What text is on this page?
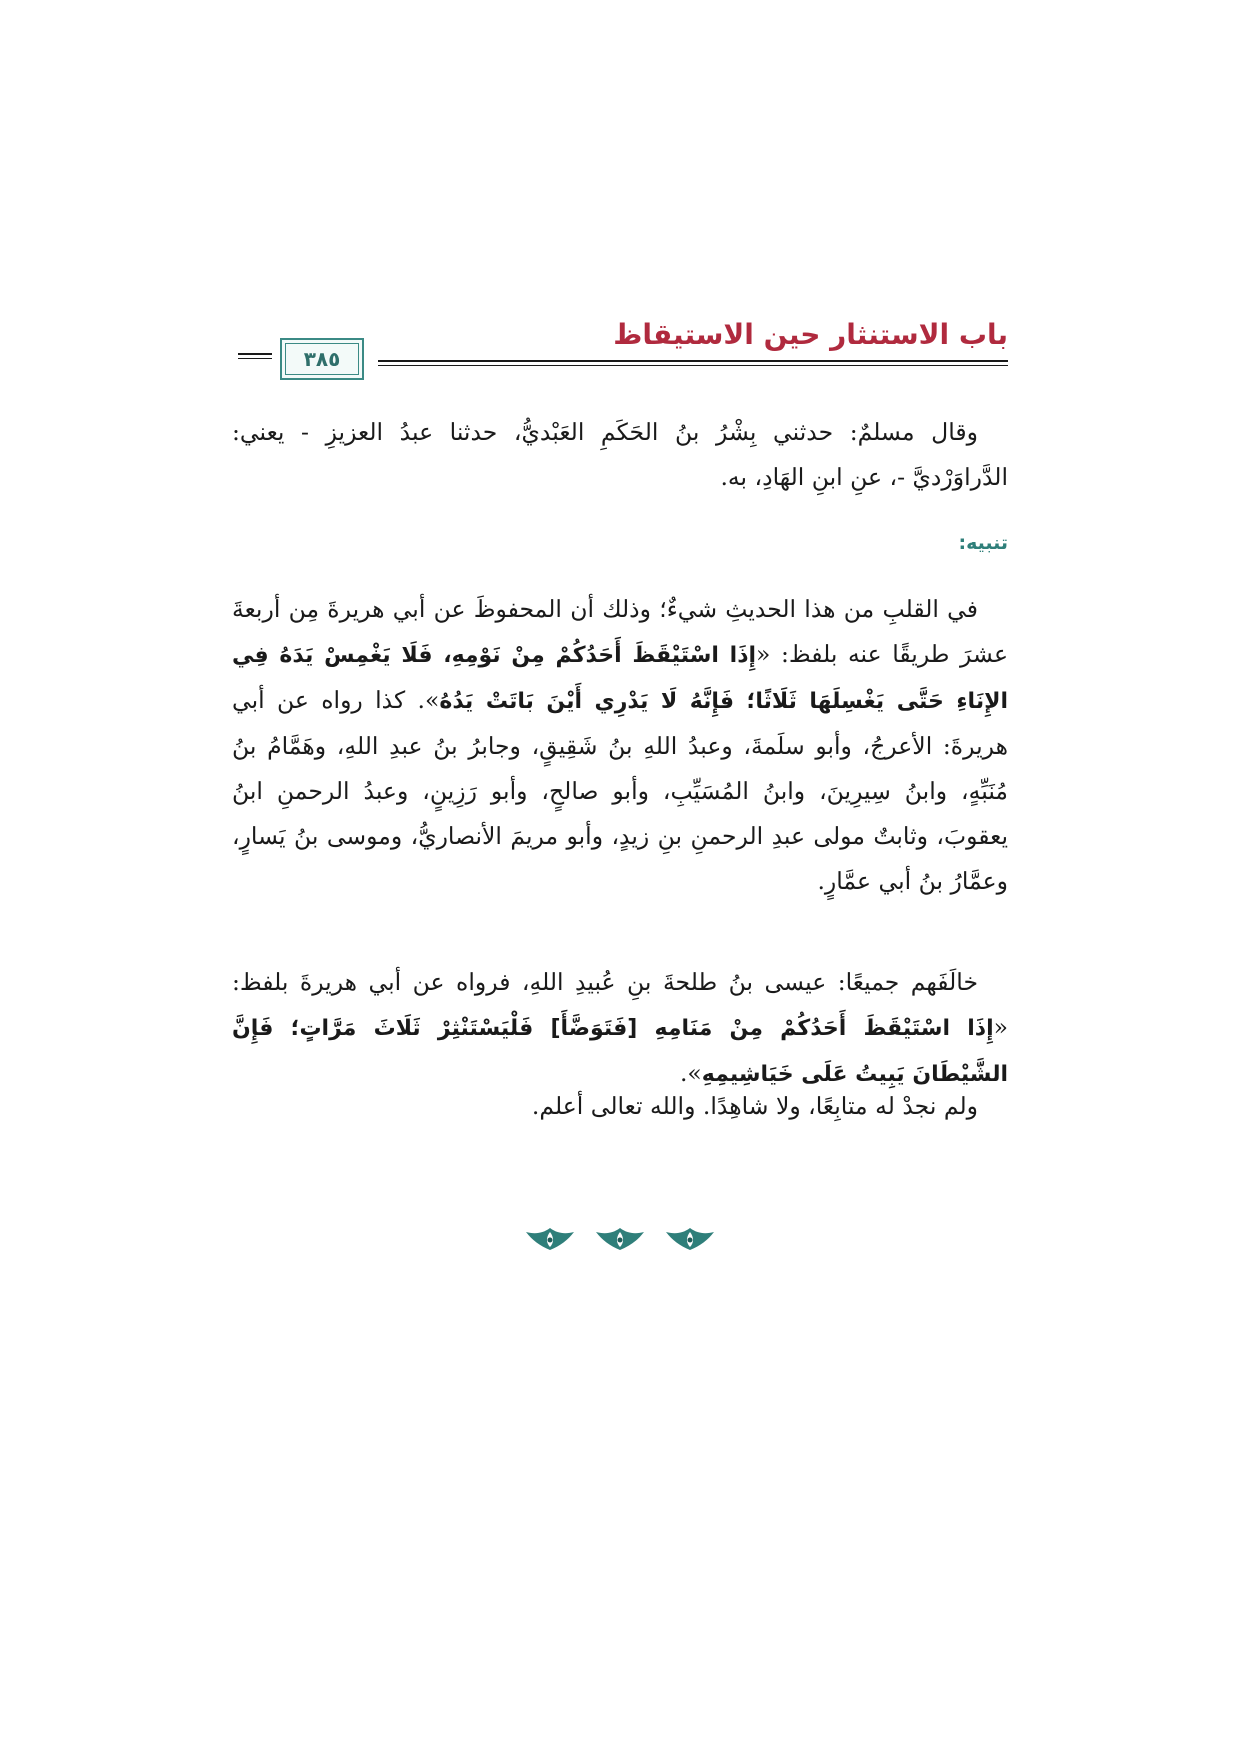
باب الاستنثار حين الاستيقاظ
٣٨٥

وقال مسلمٌ: حدثني بِشْرُ بنُ الحَكَمِ العَبْديُّ، حدثنا عبدُ العزيزِ - يعني: الدَّراوَرْديَّ -، عنِ ابنِ الهَادِ، به.

تنبيه:

في القلبِ من هذا الحديثِ شيءٌ؛ وذلك أن المحفوظَ عن أبي هريرةَ مِن أربعةَ عشرَ طريقًا عنه بلفظ: «إِذَا اسْتَيْقَظَ أَحَدُكُمْ مِنْ نَوْمِهِ، فَلَا يَغْمِسْ يَدَهُ فِي الإِنَاءِ حَتَّى يَغْسِلَهَا ثَلَاثًا؛ فَإِنَّهُ لَا يَدْرِي أَيْنَ بَاتَتْ يَدُهُ». كذا رواه عن أبي هريرةَ: الأعرجُ، وأبو سلَمةَ، وعبدُ اللهِ بنُ شَقِيقٍ، وجابرُ بنُ عبدِ اللهِ، وهَمَّامُ بنُ مُنَبِّهٍ، وابنُ سِيرِينَ، وابنُ المُسَيِّبِ، وأبو صالحٍ، وأبو رَزِينٍ، وعبدُ الرحمنِ ابنُ يعقوبَ، وثابتٌ مولى عبدِ الرحمنِ بنِ زيدٍ، وأبو مريمَ الأنصاريُّ، وموسى بنُ يَسارٍ، وعمَّارُ بنُ أبي عمَّارٍ.

خالَفَهم جميعًا: عيسى بنُ طلحةَ بنِ عُبيدِ اللهِ، فرواه عن أبي هريرةَ بلفظ: «إِذَا اسْتَيْقَظَ أَحَدُكُمْ مِنْ مَنَامِهِ [فَتَوَضَّأَ] فَلْيَسْتَنْثِرْ ثَلَاثَ مَرَّاتٍ؛ فَإِنَّ الشَّيْطَانَ يَبِيتُ عَلَى خَيَاشِيمِهِ».

ولم نجدْ له متابِعًا، ولا شاهِدًا. والله تعالى أعلم.
